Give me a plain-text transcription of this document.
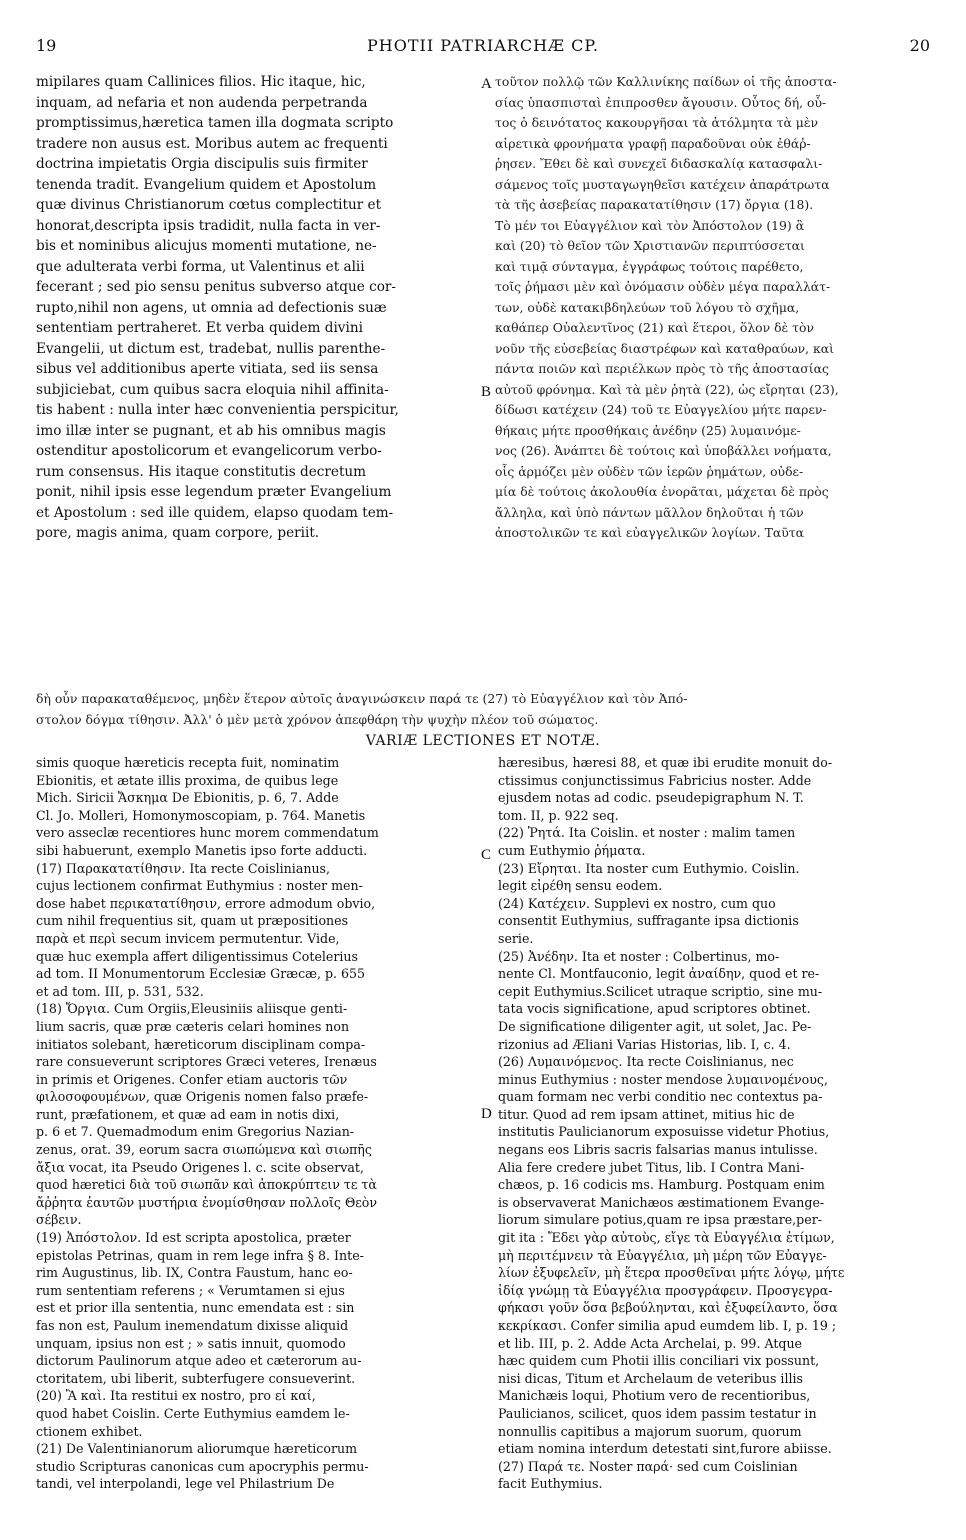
19	PHOTII PATRIARCHÆ CP.	20
mipilares quam Callinices filios. Hic itaque, hic,
inquam, ad nefaria et non audenda perpetranda
promptissimus,hæretica tamen illa dogmata scripto
tradere non ausus est. Moribus autem ac frequenti
doctrina impietatis Orgia discipulis suis firmiter
tenenda tradit. Evangelium quidem et Apostolum
quæ divinus Christianorum cœtus complectitur et
honorat,descripta ipsis tradidit, nulla facta in ver-
bis et nominibus alicujus momenti mutatione, ne-
que adulterata verbi forma, ut Valentinus et alii
fecerant ; sed pio sensu penitus subverso atque cor-
rupto,nihil non agens, ut omnia ad defectionis suæ
sententiam pertraheret. Et verba quidem divini
Evangelii, ut dictum est, tradebat, nullis parenthe-
sibus vel additionibus aperte vitiata, sed iis sensa
subjiciebat, cum quibus sacra eloquia nihil affinita-
tis habent : nulla inter hæc convenientia perspicitur,
imo illæ inter se pugnant, et ab his omnibus magis
ostenditur apostolicorum et evangelicorum verbo-
rum consensus. His itaque constitutis decretum
ponit, nihil ipsis esse legendum præter Evangelium
et Apostolum : sed ille quidem, elapso quodam tem-
pore, magis anima, quam corpore, periit.
τοῦτον πολλῷ τῶν Καλλινίκης παίδων οἱ τῆς ἀποστα-
σίας ὑπασπισταὶ ἐπιπροσθεν ἄγουσιν. Οὗτος δή, οὗ-
τος ὁ δεινότατος κακουργῆσαι τὰ ἀτόλμητα τὰ μὲν
αἱρετικὰ φρονήματα γραφῇ παραδοῦναι οὐκ ἐθάῤ-
ῥησεν. Ἔθει δὲ καὶ συνεχεῖ διδασκαλίᾳ κατασφαλι-
σάμενος τοῖς μυσταγωγηθεῖσι κατέχειν ἀπαράτρωτα
τὰ τῆς ἀσεβείας παρακατατίθησιν (17) ὄργια (18).
Τὸ μέν τοι Εὐαγγέλιον καὶ τὸν Ἀπόστολον (19) ἃ
καὶ (20) τὸ θεῖον τῶν Χριστιανῶν περιπτύσσεται
καὶ τιμᾷ σύνταγμα, ἐγγράφως τούτοις παρέθετο,
τοῖς ῥήμασι μὲν καὶ ὀνόμασιν οὐδὲν μέγα παραλλάτ-
των, οὐδὲ κατακιβδηλεύων τοῦ λόγου τὸ σχῆμα,
καθάπερ Οὐαλεντῖνος (21) καὶ ἕτεροι, ὅλον δὲ τὸν
νοῦν τῆς εὐσεβείας διαστρέφων καὶ καταθραύων, καὶ
πάντα ποιῶν καὶ περιέλκων πρὸς τὸ τῆς ἀποστασίας
αὐτοῦ φρόνημα. Καὶ τὰ μὲν ῥητὰ (22), ὡς εἴρηται (23),
δίδωσι κατέχειν (24) τοῦ τε Εὐαγγελίου μήτε παρεν-
θήκαις μήτε προσθήκαις ἀνέδην (25) λυμαινόμε-
νος (26). Ἀνάπτει δὲ τούτοις καὶ ὑποβάλλει νοήματα,
οἷς ἁρμόζει μὲν οὐδὲν τῶν ἱερῶν ῥημάτων, οὐδε-
μία δὲ τούτοις ἀκολουθία ἐνορᾶται, μάχεται δὲ πρὸς
ἄλληλα, καὶ ὑπὸ πάντων μᾶλλον δηλοῦται ἡ τῶν
ἀποστολικῶν τε καὶ εὐαγγελικῶν λογίων. Ταῦτα
A
B
C
D
δὴ οὖν παρακαταθέμενος, μηδὲν ἕτερον αὐτοῖς ἀναγινώσκειν παρά τε (27) τὸ Εὐαγγέλιον καὶ τὸν Ἀπό-
στολον δόγμα τίθησιν. Ἀλλ' ὁ μὲν μετὰ χρόνον ἀπεφθάρη τὴν ψυχὴν πλέον τοῦ σώματος.
VARIÆ LECTIONES ET NOTÆ.
simis quoque hæreticis recepta fuit, nominatim
Ebionitis, et ætate illis proxima, de quibus lege
Mich. Siricii Ἄσκημα De Ebionitis, p. 6, 7. Adde
Cl. Jo. Molleri, Homonymoscopiam, p. 764. Manetis
vero asseclæ recentiores hunc morem commendatum
sibi habuerunt, exemplo Manetis ipso forte adducti.
(17) Παρακατατίθησιν. Ita recte Coislinianus,
cujus lectionem confirmat Euthymius : noster men-
dose habet περικατατίθησιν, errore admodum obvio,
cum nihil frequentius sit, quam ut præpositiones
παρὰ et περὶ secum invicem permutentur. Vide,
quæ huc exempla affert diligentissimus Cotelerius
ad tom. II Monumentorum Ecclesiæ Græcæ, p. 655
et ad tom. III, p. 531, 532.
(18) Ὄργια. Cum Orgiis,Eleusiniis aliisque genti-
lium sacris, quæ præ cæteris celari homines non
initiatos solebant, hæreticorum disciplinam compa-
rare consueverunt scriptores Græci veteres, Irenæus
in primis et Origenes. Confer etiam auctoris τῶν
φιλοσοφουμένων, quæ Origenis nomen falso præfe-
runt, præfationem, et quæ ad eam in notis dixi,
p. 6 et 7. Quemadmodum enim Gregorius Nazian-
zenus, orat. 39, eorum sacra σιωπώμενα καὶ σιωπῆς
ἄξια vocat, ita Pseudo Origenes l. c. scite observat,
quod hæretici διὰ τοῦ σιωπᾶν καὶ ἀποκρύπτειν τε τὰ
ἄῤῥητα ἑαυτῶν μυστήρια ἐνομίσθησαν πολλοῖς Θεὸν
σέβειν.
(19) Ἀπόστολον. Id est scripta apostolica, præter
epistolas Petrinas, quam in rem lege infra § 8. Inte-
rim Augustinus, lib. IX, Contra Faustum, hanc eo-
rum sententiam referens ; « Verumtamen si ejus
est et prior illa sententia, nunc emendata est : sin
fas non est, Paulum inemendatum dixisse aliquid
unquam, ipsius non est ; » satis innuit, quomodo
dictorum Paulinorum atque adeo et cæterorum au-
ctoritatem, ubi liberit, subterfugere consueverint.
(20) Ἃ καὶ. Ita restitui ex nostro, pro εἰ καί,
quod habet Coislin. Certe Euthymius eamdem le-
ctionem exhibet.
(21) De Valentinianorum aliorumque hæreticorum
studio Scripturas canonicas cum apocryphis permu-
tandi, vel interpolandi, lege vel Philastrium De
hæresibus, hæresi 88, et quæ ibi erudite monuit do-
ctissimus conjunctissimus Fabricius noster. Adde
ejusdem notas ad codic. pseudepigraphum N. T.
tom. II, p. 922 seq.
(22) Ῥητά. Ita Coislin. et noster : malim tamen
cum Euthymio ῥήματα.
(23) Εἴρηται. Ita noster cum Euthymio. Coislin.
legit εἰρέθη sensu eodem.
(24) Κατέχειν. Supplevi ex nostro, cum quo
consentit Euthymius, suffragante ipsa dictionis
serie.
(25) Ἀνέδην. Ita et noster : Colbertinus, mo-
nente Cl. Montfauconio, legit ἀναίδην, quod et re-
cepit Euthymius.Scilicet utraque scriptio, sine mu-
tata vocis significatione, apud scriptores obtinet.
De significatione diligenter agit, ut solet, Jac. Pe-
rizonius ad Æliani Varias Historias, lib. I, c. 4.
(26) Λυμαινόμενος. Ita recte Coislinianus, nec
minus Euthymius : noster mendose λυμαινομένους,
quam formam nec verbi conditio nec contextus pa-
titur. Quod ad rem ipsam attinet, mitius hic de
institutis Paulicianorum exposuisse videtur Photius,
negans eos Libris sacris falsarias manus intulisse.
Alia fere credere jubet Titus, lib. I Contra Mani-
chæos, p. 16 codicis ms. Hamburg. Postquam enim
is observaverat Manichæos æstimationem Evange-
liorum simulare potius,quam re ipsa præstare,per-
git ita : Ἔδει γὰρ αὐτοὺς, εἴγε τὰ Εὐαγγέλια ἐτίμων,
μὴ περιτέμνειν τὰ Εὐαγγέλια, μὴ μέρη τῶν Εὐαγγε-
λίων ἐξυφελεῖν, μὴ ἕτερα προσθεῖναι μήτε λόγῳ, μήτε
ἰδίᾳ γνώμῃ τὰ Εὐαγγέλια προσγράφειν. Προσγεγρα-
φήκασι γοῦν ὅσα βεβούληνται, καὶ ἐξυφείλαντο, ὅσα
κεκρίκασι. Confer similia apud eumdem lib. I, p. 19 ;
et lib. III, p. 2. Adde Acta Archelai, p. 99. Atque
hæc quidem cum Photii illis conciliari vix possunt,
nisi dicas, Titum et Archelaum de veteribus illis
Manichæis loqui, Photium vero de recentioribus,
Paulicianos, scilicet, quos idem passim testatur in
nonnullis capitibus a majorum suorum, quorum
etiam nomina interdum detestati sint,furore abiisse.
(27) Παρά τε. Noster παρά· sed cum Coislinian
facit Euthymius.
